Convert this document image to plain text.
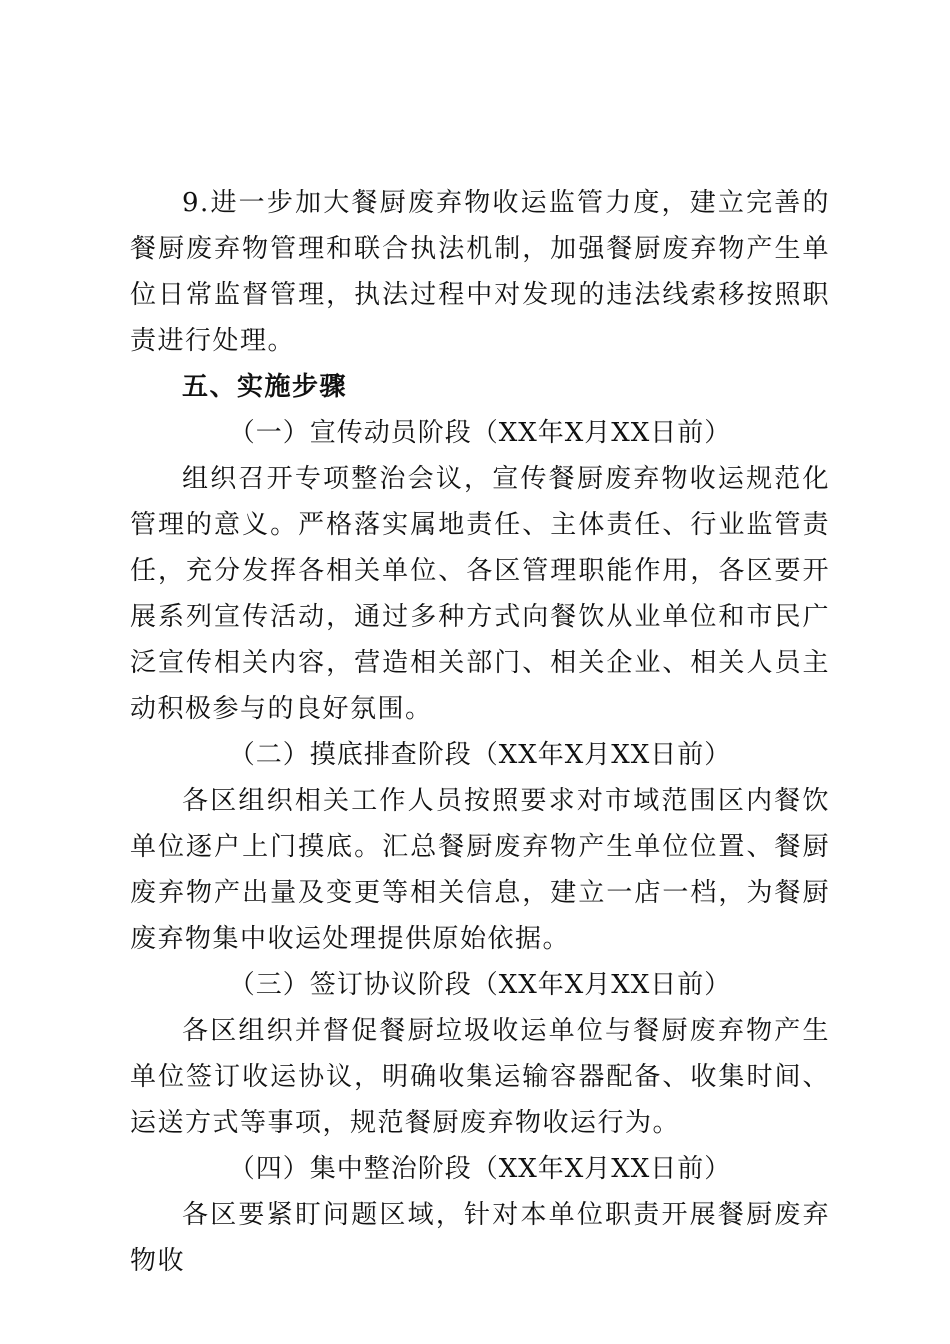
9.进一步加大餐厨废弃物收运监管力度，建立完善的餐厨废弃物管理和联合执法机制，加强餐厨废弃物产生单位日常监督管理，执法过程中对发现的违法线索移按照职责进行处理。

五、实施步骤

（一）宣传动员阶段（XX年X月XX日前）

组织召开专项整治会议，宣传餐厨废弃物收运规范化管理的意义。严格落实属地责任、主体责任、行业监管责任，充分发挥各相关单位、各区管理职能作用，各区要开展系列宣传活动，通过多种方式向餐饮从业单位和市民广泛宣传相关内容，营造相关部门、相关企业、相关人员主动积极参与的良好氛围。

（二）摸底排查阶段（XX年X月XX日前）

各区组织相关工作人员按照要求对市域范围区内餐饮单位逐户上门摸底。汇总餐厨废弃物产生单位位置、餐厨废弃物产出量及变更等相关信息，建立一店一档，为餐厨废弃物集中收运处理提供原始依据。

（三）签订协议阶段（XX年X月XX日前）

各区组织并督促餐厨垃圾收运单位与餐厨废弃物产生单位签订收运协议，明确收集运输容器配备、收集时间、运送方式等事项，规范餐厨废弃物收运行为。

（四）集中整治阶段（XX年X月XX日前）

各区要紧盯问题区域，针对本单位职责开展餐厨废弃物收
